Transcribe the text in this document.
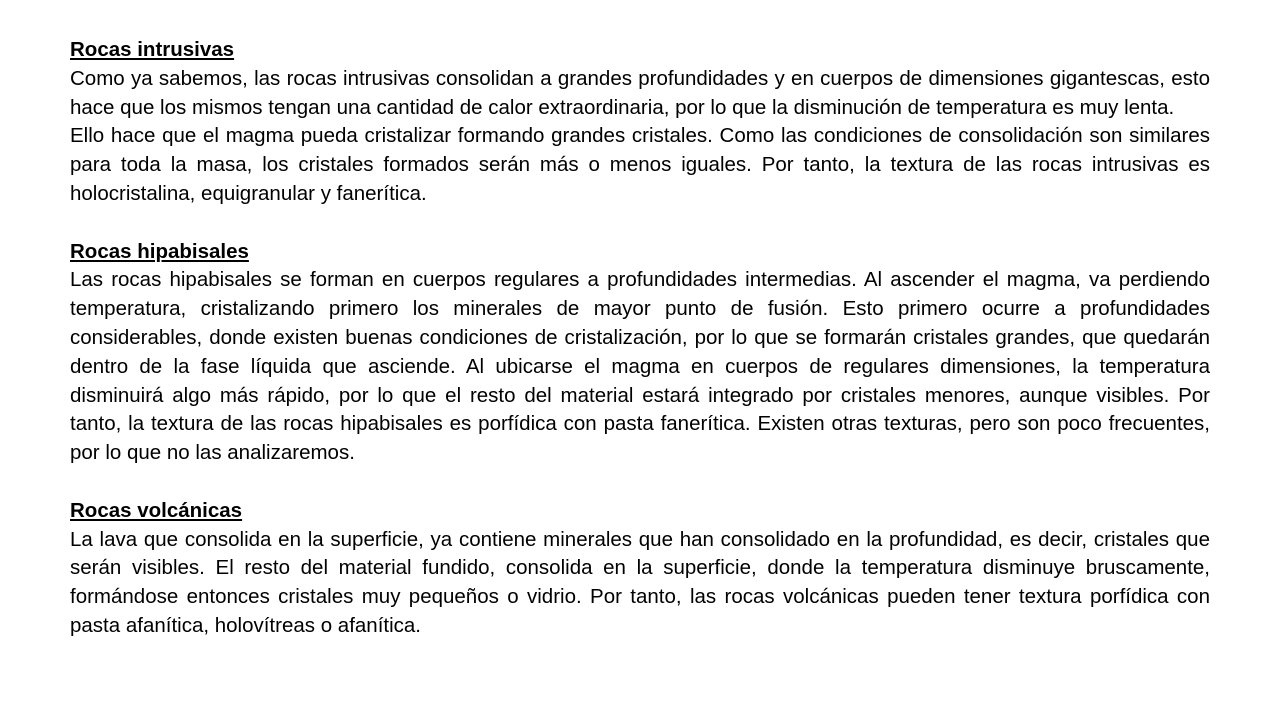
Rocas intrusivas

Como ya sabemos, las rocas intrusivas consolidan a grandes profundidades y en cuerpos de dimensiones gigantescas, esto hace que los mismos tengan una cantidad de calor extraordinaria, por lo que la disminución de temperatura es muy lenta.

Ello hace que el magma pueda cristalizar formando grandes cristales. Como las condiciones de consolidación son similares para toda la masa, los cristales formados serán más o menos iguales. Por tanto, la textura de las rocas intrusivas es holocristalina, equigranular y fanerítica.

Rocas hipabisales

Las rocas hipabisales se forman en cuerpos regulares a profundidades intermedias. Al ascender el magma, va perdiendo temperatura, cristalizando primero los minerales de mayor punto de fusión. Esto primero ocurre a profundidades considerables, donde existen buenas condiciones de cristalización, por lo que se formarán cristales grandes, que quedarán dentro de la fase líquida que asciende. Al ubicarse el magma en cuerpos de regulares dimensiones, la temperatura disminuirá algo más rápido, por lo que el resto del material estará integrado por cristales menores, aunque visibles. Por tanto, la textura de las rocas hipabisales es porfídica con pasta fanerítica. Existen otras texturas, pero son poco frecuentes, por lo que no las analizaremos.

Rocas volcánicas

La lava que consolida en la superficie, ya contiene minerales que han consolidado en la profundidad, es decir, cristales que serán visibles. El resto del material fundido, consolida en la superficie, donde la temperatura disminuye bruscamente, formándose entonces cristales muy pequeños o vidrio. Por tanto, las rocas volcánicas pueden tener textura porfídica con pasta afanítica, holovítreas o afanítica.
